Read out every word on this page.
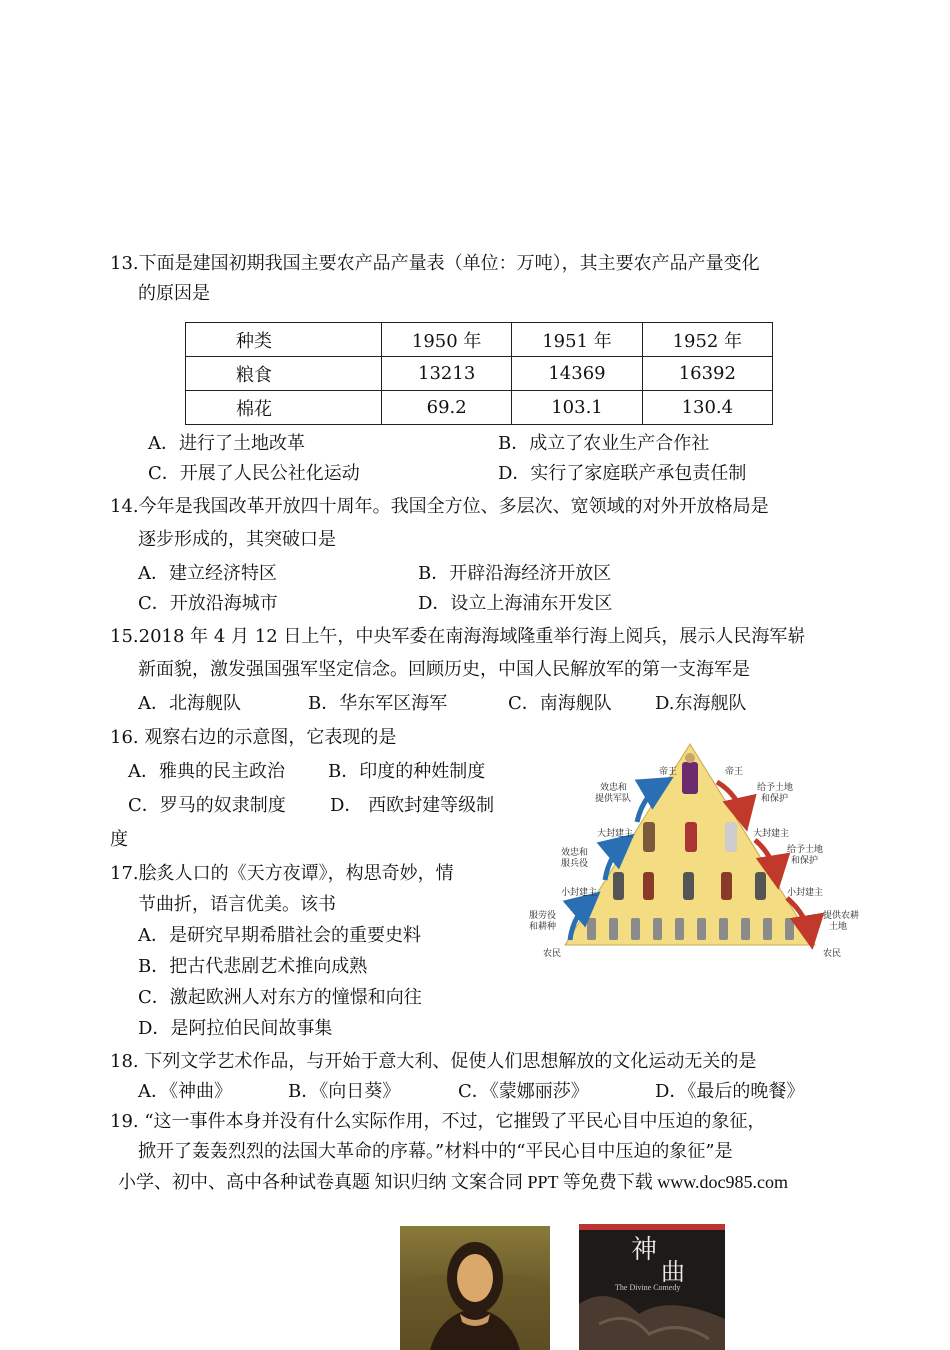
13.下面是建国初期我国主要农产品产量表（单位：万吨），其主要农产品产量变化
的原因是
种类	1950 年	1951 年	1952 年
粮食	13213	14369	16392
棉花	69.2	103.1	130.4
A．进行了土地改革	B．成立了农业生产合作社
C．开展了人民公社化运动	D．实行了家庭联产承包责任制
14.今年是我国改革开放四十周年。我国全方位、多层次、宽领域的对外开放格局是
逐步形成的，其突破口是
A．建立经济特区	B．开辟沿海经济开放区
C．开放沿海城市	D．设立上海浦东开发区
15.2018 年 4 月 12 日上午，中央军委在南海海域隆重举行海上阅兵，展示人民海军崭
新面貌，激发强国强军坚定信念。回顾历史，中国人民解放军的第一支海军是
A．北海舰队	B．华东军区海军	C．南海舰队 D.东海舰队
16. 观察右边的示意图，它表现的是
A．雅典的民主政治 B．印度的种姓制度
C．罗马的奴隶制度 D． 西欧封建等级制
度
帝王	帝王
效忠和
提供军队
给予土地
和保护
大封建主	大封建主
效忠和
服兵役
给予土地
和保护
小封建主	小封建主
服劳役
和耕种
提供农耕
土地
农民	农民
17.脍炙人口的《天方夜谭》，构思奇妙，情
节曲折，语言优美。该书
A．是研究早期希腊社会的重要史料
B．把古代悲剧艺术推向成熟
C．激起欧洲人对东方的憧憬和向往
D．是阿拉伯民间故事集
18. 下列文学艺术作品，与开始于意大利、促使人们思想解放的文化运动无关的是
A．《神曲》	B．《向日葵》	C．《蒙娜丽莎》	D．《最后的晚餐》
19. “这一事件本身并没有什么实际作用，不过，它摧毁了平民心目中压迫的象征，
掀开了轰轰烈烈的法国大革命的序幕。”材料中的“平民心目中压迫的象征”是
小学、初中、高中各种试卷真题 知识归纳 文案合同 PPT 等免费下载 www.doc985.com
神
曲
The Divine Comedy
